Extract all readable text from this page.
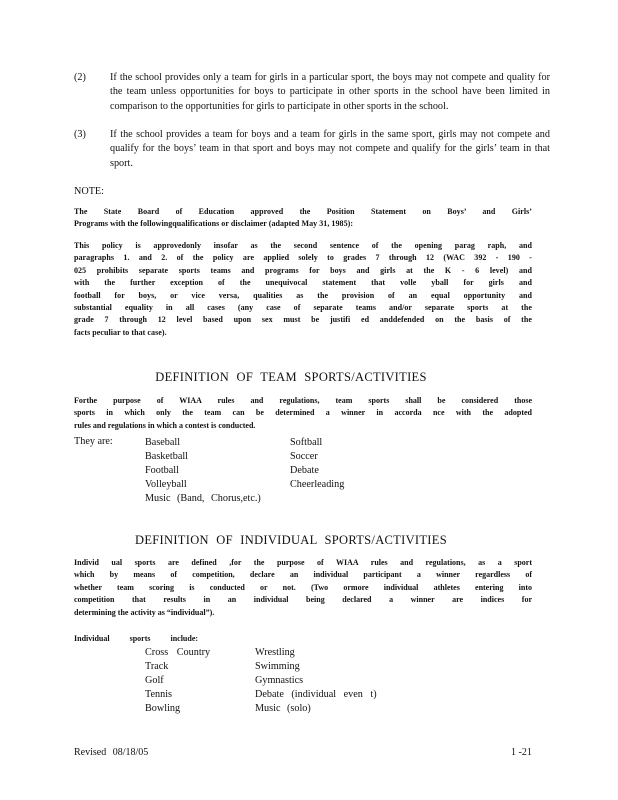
(2) If the school provides only a team for girls in a particular sport, the boys may not compete and quality for the team unless opportunities for boys to participate in other sports in the school have been limited in comparison to the opportunities for girls to participate in other sports in the school.
(3) If the school provides a team for boys and a team for girls in the same sport, girls may not compete and qualify for the boys’ team in that sport and boys may not compete and qualify for the girls’ team in that sport.
NOTE:
The State Board of Education approved the Position Statement on Boys’ and Girls’
Programs with the followingqualifications or disclaimer (adapted May 31, 1985):
This policy is approvedonly insofar as the second sentence of the opening parag raph, and
paragraphs 1. and 2. of the policy are applied solely to grades 7 through 12 (WAC 392 - 190 -
025 prohibits separate sports teams and programs for boys and girls at the K - 6 level) and
with the further exception of the unequivocal statement that volle yball for girls and
football for boys, or vice versa, qualities as the provision of an equal opportunity and
substantial equality in all cases (any case of separate teams and/or separate sports at the
grade 7 through 12 level based upon sex must be justifi ed anddefended on the basis of the
facts peculiar to that case).
DEFINITION OF TEAM SPORTS/ACTIVITIES
Forthe purpose of WIAA rules and regulations, team sports shall be considered those
sports in which only the team can be determined a winner in accorda nce with the adopted
rules and regulations in which a contest is conducted.
They are:	Baseball
Basketball
Football
Volleyball
Music (Band, Chorus,etc.)
Softball
Soccer
Debate
Cheerleading
DEFINITION OF INDIVIDUAL SPORTS/ACTIVITIES
Individ ual sports are defined ,for the purpose of WIAA rules and regulations, as a sport
which by means of competition, declare an individual participant a winner regardless of
whether team scoring is conducted or not. (Two ormore individual athletes entering into
competition that results in an individual being declared a winner are indices for
determining the activity as “individual”).
Individual sports include:
Cross Country
Track
Golf
Tennis
Bowling
Wrestling
Swimming
Gymnastics
Debate (individual even t)
Music (solo)
Revised 08/18/05	1 -21
